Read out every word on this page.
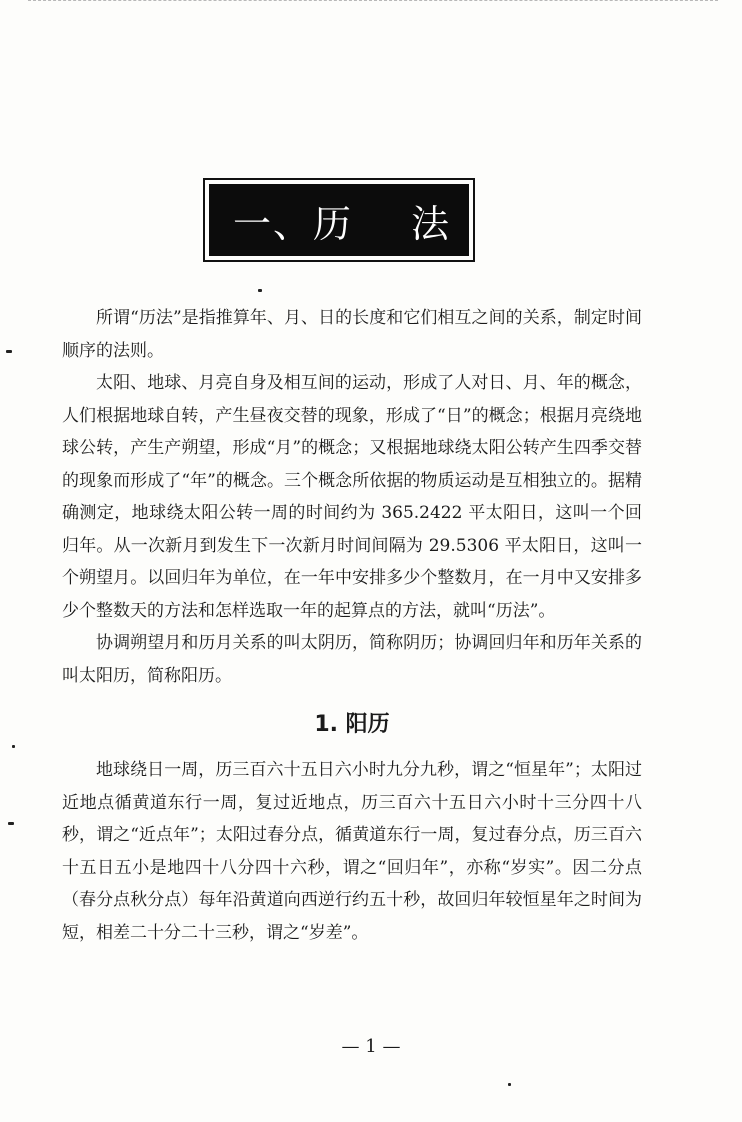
一、历 法

所谓“历法”是指推算年、月、日的长度和它们相互之间的关系，制定时间顺序的法则。

太阳、地球、月亮自身及相互间的运动，形成了人对日、月、年的概念，人们根据地球自转，产生昼夜交替的现象，形成了“日”的概念；根据月亮绕地球公转，产生产朔望，形成“月”的概念；又根据地球绕太阳公转产生四季交替的现象而形成了“年”的概念。三个概念所依据的物质运动是互相独立的。据精确测定，地球绕太阳公转一周的时间约为 365.2422 平太阳日，这叫一个回归年。从一次新月到发生下一次新月时间间隔为 29.5306 平太阳日，这叫一个朔望月。以回归年为单位，在一年中安排多少个整数月，在一月中又安排多少个整数天的方法和怎样选取一年的起算点的方法，就叫“历法”。

协调朔望月和历月关系的叫太阴历，简称阴历；协调回归年和历年关系的叫太阳历，简称阳历。

1. 阳历

地球绕日一周，历三百六十五日六小时九分九秒，谓之“恒星年”；太阳过近地点循黄道东行一周，复过近地点，历三百六十五日六小时十三分四十八秒，谓之“近点年”；太阳过春分点，循黄道东行一周，复过春分点，历三百六十五日五小是地四十八分四十六秒，谓之“回归年”，亦称“岁实”。因二分点（春分点秋分点）每年沿黄道向西逆行约五十秒，故回归年较恒星年之时间为短，相差二十分二十三秒，谓之“岁差”。

— 1 —
